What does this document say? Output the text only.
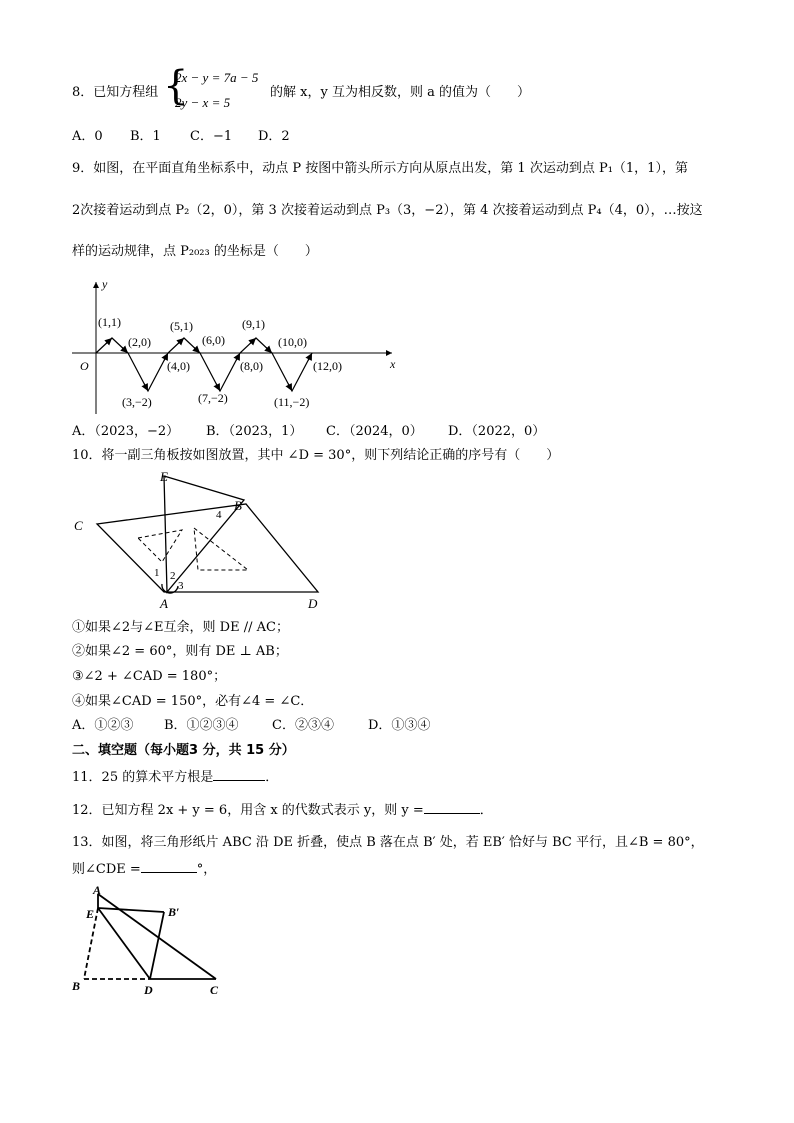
8．已知方程组 {
2x − y = 7a − 5
2y − x = 5
的解 x，y 互为相反数，则 a 的值为（　　）
A．0 B．1 C．−1 D．2
9．如图，在平面直角坐标系中，动点 P 按图中箭头所示方向从原点出发，第 1 次运动到点 P₁（1，1），第
2次接着运动到点 P₂（2，0），第 3 次接着运动到点 P₃（3，−2），第 4 次接着运动到点 P₄（4，0），…按这
样的运动规律，点 P₂₀₂₃ 的坐标是（　　）
x
y
O
(1,1)
(2,0)
(3,−2)
(4,0)
(5,1)
(6,0)
(7,−2)
(8,0)
(9,1)
(10,0)
(11,−2)
(12,0)
A．（2023，−2） B．（2023，1） C．（2024，0） D．（2022，0）
10．将一副三角板按如图放置，其中 ∠D = 30°，则下列结论正确的序号有（　　）
E
B
C
A	D
1 2
3
4
①如果∠2与∠E互余，则 DE // AC；
②如果∠2 = 60°，则有 DE ⊥ AB；
③∠2 + ∠CAD = 180°；
④如果∠CAD = 150°，必有∠4 = ∠C．
A．①②③ B．①②③④	C．②③④	D．①③④
二、填空题（每小题3 分，共 15 分）
11．25 的算术平方根是	．
12．已知方程 2x + y = 6，用含 x 的代数式表示 y，则 y =	．
13．如图，将三角形纸片 ABC 沿 DE 折叠，使点 B 落在点 B′ 处，若 EB′ 恰好与 BC 平行，且∠B = 80°，
则∠CDE =	°，
A
E	B′
B	D	C
